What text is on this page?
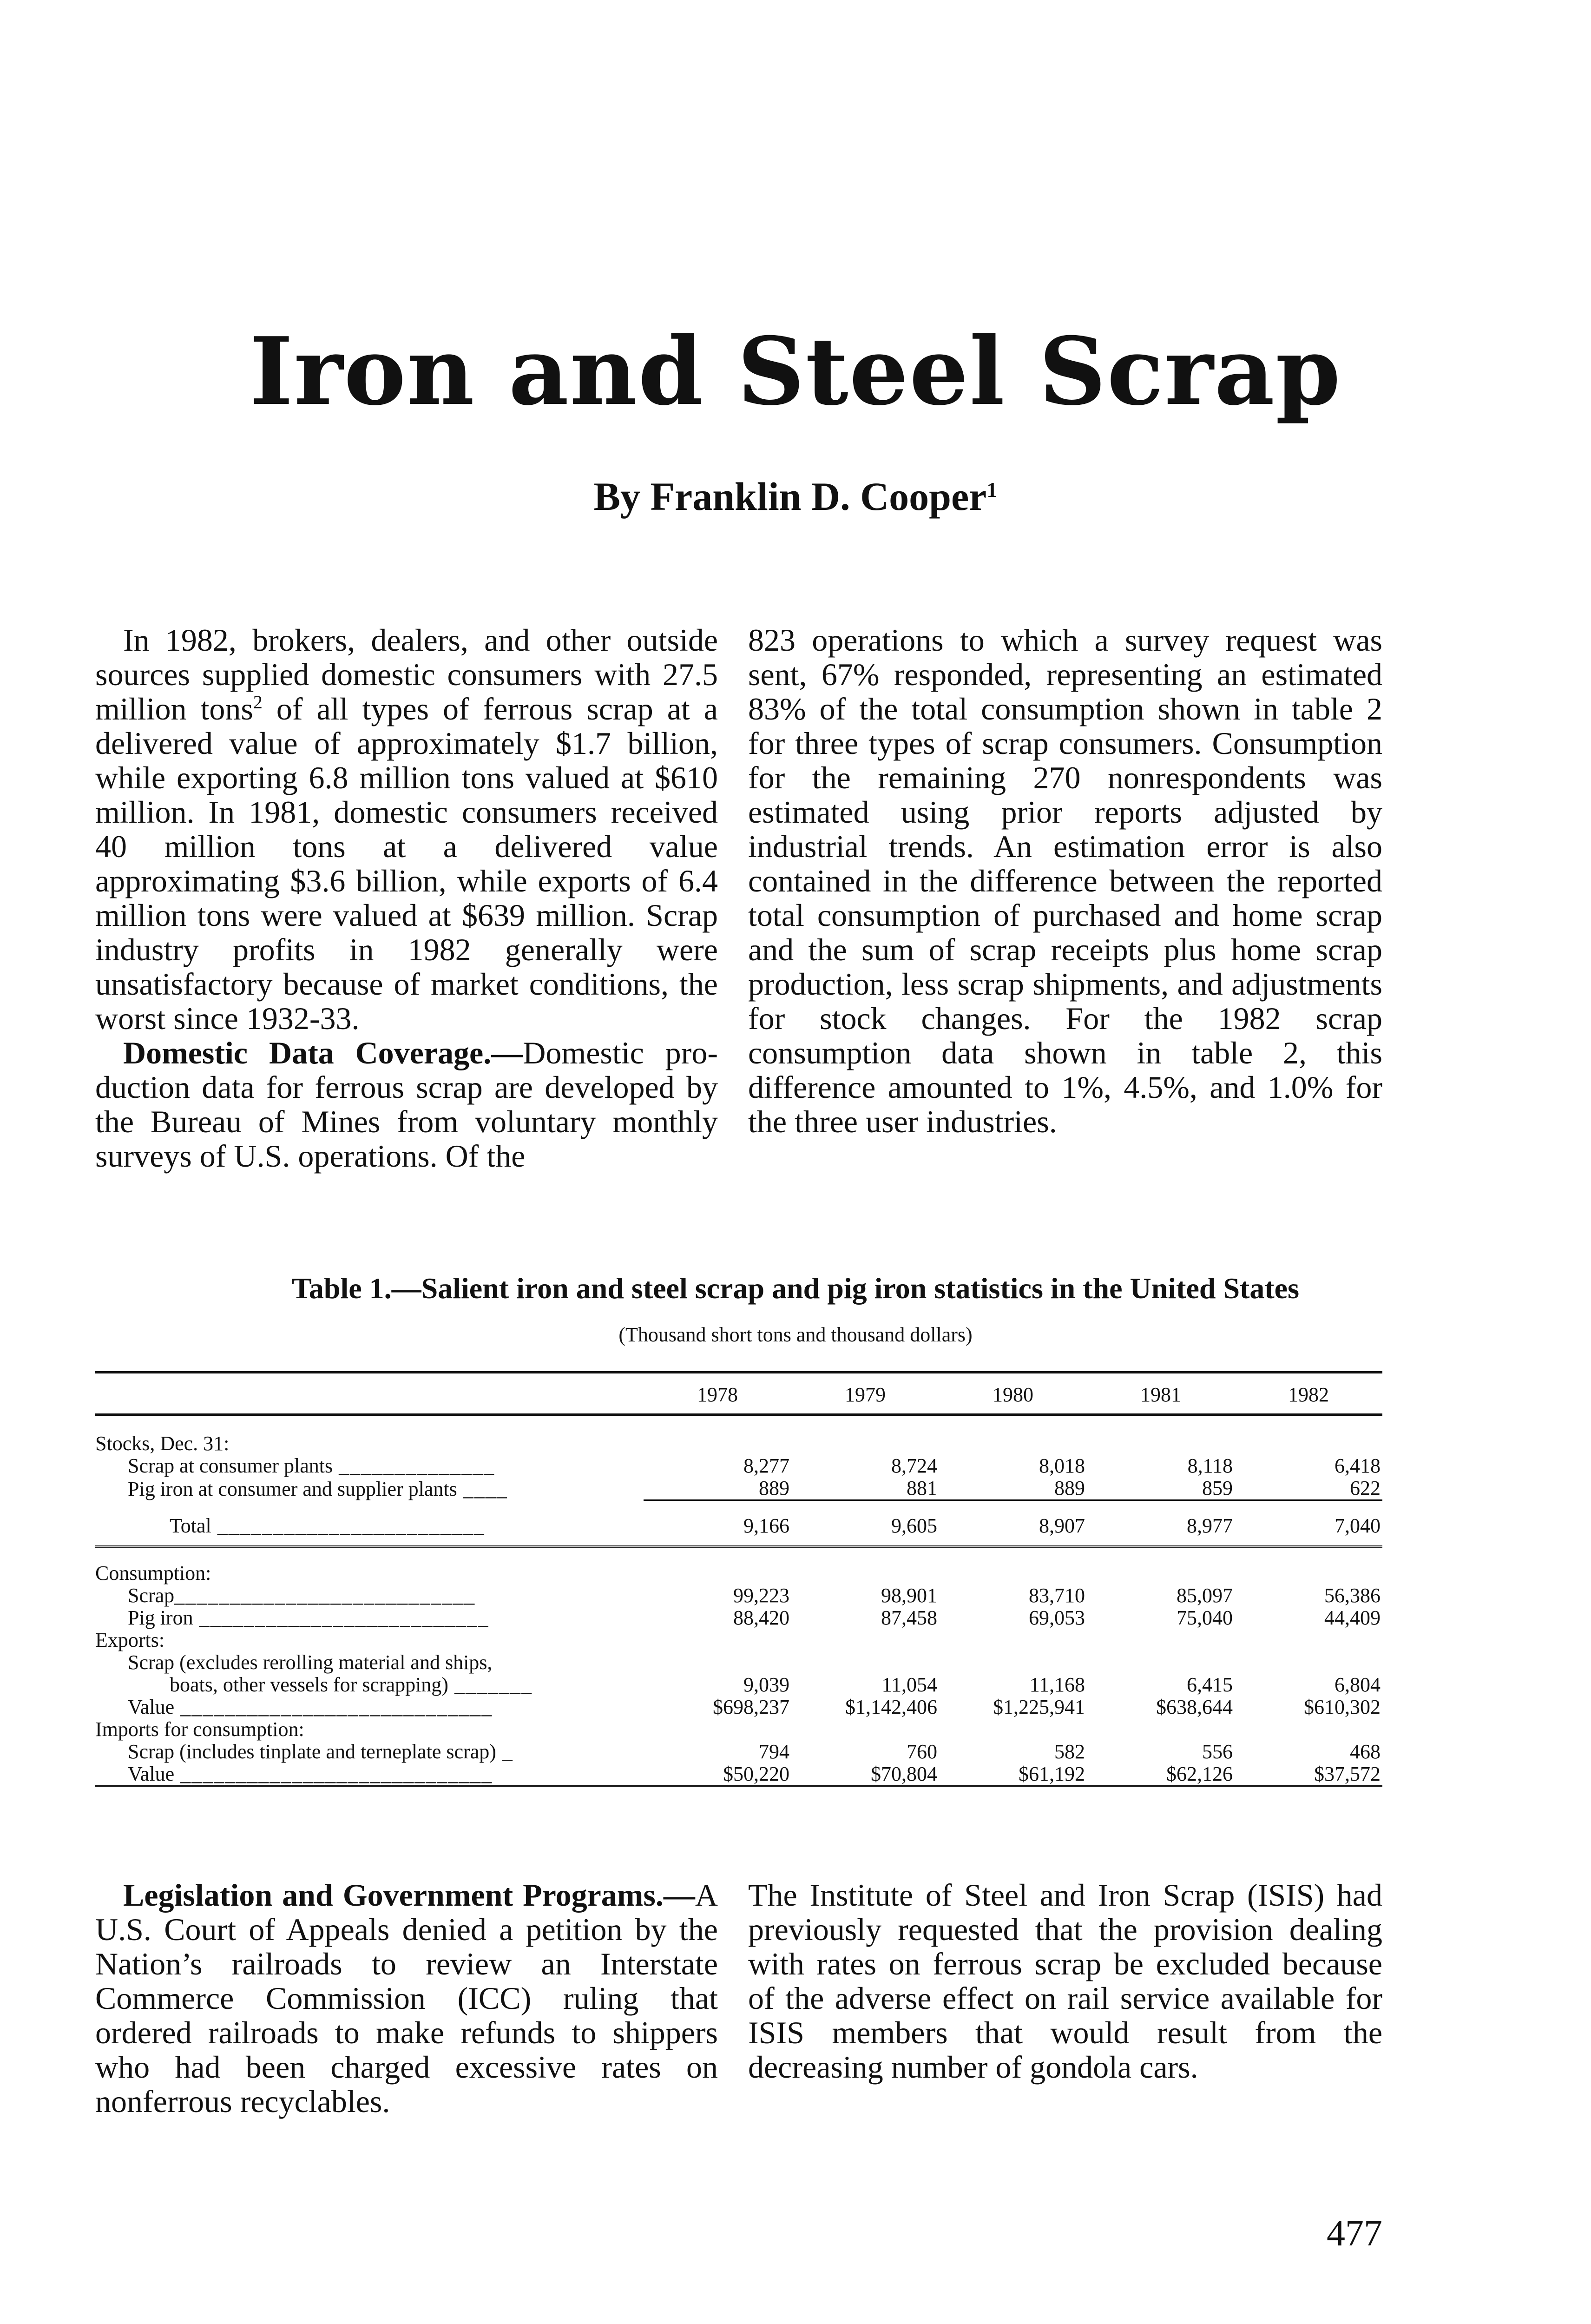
Iron and Steel Scrap
By Franklin D. Cooper$^1$

In 1982, brokers, dealers, and other outside sources supplied domestic consumers with 27.5 million tons$^2$ of all types of ferrous scrap at a delivered value of approximately $1.7 billion, while exporting 6.8 million tons valued at $610 million. In 1981, domestic consumers received 40 million tons at a delivered value approximating $3.6 billion, while exports of 6.4 million tons were valued at $639 million. Scrap industry profits in 1982 generally were unsatisfactory because of market conditions, the worst since 1932-33.

Domestic Data Coverage.—Domestic production data for ferrous scrap are developed by the Bureau of Mines from voluntary monthly surveys of U.S. operations. Of the

823 operations to which a survey request was sent, 67% responded, representing an estimated 83% of the total consumption shown in table 2 for three types of scrap consumers. Consumption for the remaining 270 nonrespondents was estimated using prior reports adjusted by industrial trends. An estimation error is also contained in the difference between the reported total consumption of purchased and home scrap and the sum of scrap receipts plus home scrap production, less scrap shipments, and adjustments for stock changes. For the 1982 scrap consumption data shown in table 2, this difference amounted to 1%, 4.5%, and 1.0% for the three user industries.

Table 1.—Salient iron and steel scrap and pig iron statistics in the United States
(Thousand short tons and thousand dollars)
	1978	1979	1980	1981	1982

Stocks, Dec. 31:					
Scrap at consumer plants ______________	8,277	8,724	8,018	8,118	6,418
Pig iron at consumer and supplier plants ____	889	881	889	859	622
Total ________________________	9,166	9,605	8,907	8,977	7,040

Consumption:					
Scrap___________________________	99,223	98,901	83,710	85,097	56,386
Pig iron __________________________	88,420	87,458	69,053	75,040	44,409
Exports:					
Scrap (excludes rerolling material and ships,					
boats, other vessels for scrapping) _______	9,039	11,054	11,168	6,415	6,804
Value ____________________________	$698,237	$1,142,406	$1,225,941	$638,644	$610,302
Imports for consumption:					
Scrap (includes tinplate and terneplate scrap) _	794	760	582	556	468
Value ____________________________	$50,220	$70,804	$61,192	$62,126	$37,572

Legislation and Government Programs.—A U.S. Court of Appeals denied a petition by the Nation’s railroads to review an Interstate Commerce Commission (ICC) ruling that ordered railroads to make refunds to shippers who had been charged excessive rates on nonferrous recyclables.

The Institute of Steel and Iron Scrap (ISIS) had previously requested that the provision dealing with rates on ferrous scrap be excluded because of the adverse effect on rail service available for ISIS members that would result from the decreasing number of gondola cars.

477
